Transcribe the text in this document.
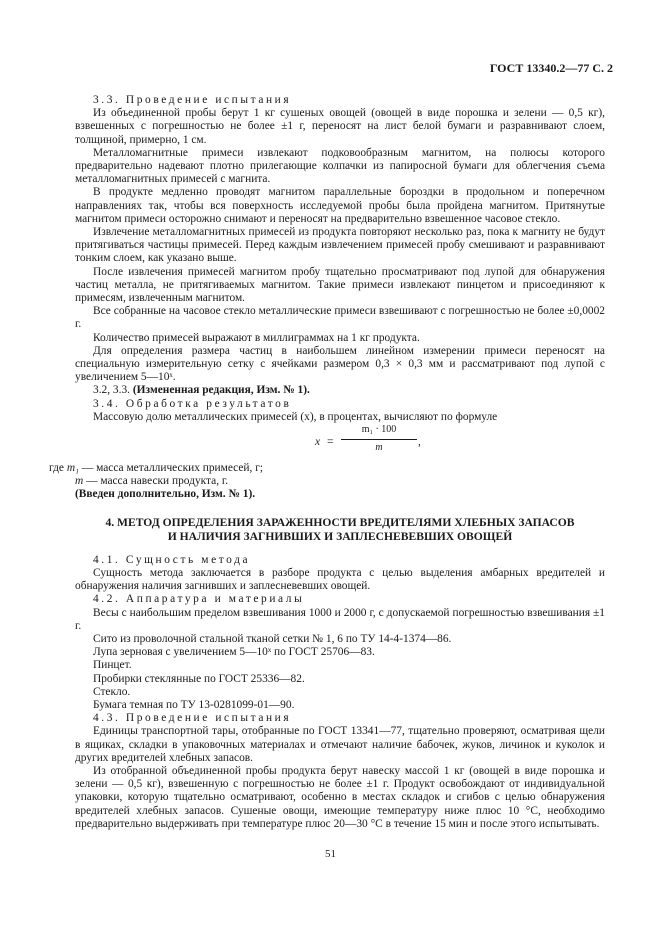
ГОСТ 13340.2—77 С. 2

3.3. Проведение испытания

Из объединенной пробы берут 1 кг сушеных овощей (овощей в виде порошка и зелени — 0,5 кг), взвешенных с погрешностью не более ±1 г, переносят на лист белой бумаги и разравнивают слоем, толщиной, примерно, 1 см.

Металломагнитные примеси извлекают подковообразным магнитом, на полюсы которого предварительно надевают плотно прилегающие колпачки из папиросной бумаги для облегчения съема металломагнитных примесей с магнита.

В продукте медленно проводят магнитом параллельные бороздки в продольном и поперечном направлениях так, чтобы вся поверхность исследуемой пробы была пройдена магнитом. Притянутые магнитом примеси осторожно снимают и переносят на предварительно взвешенное часовое стекло.

Извлечение металломагнитных примесей из продукта повторяют несколько раз, пока к магниту не будут притягиваться частицы примесей. Перед каждым извлечением примесей пробу смешивают и разравнивают тонким слоем, как указано выше.

После извлечения примесей магнитом пробу тщательно просматривают под лупой для обнаружения частиц металла, не притягиваемых магнитом. Такие примеси извлекают пинцетом и присоединяют к примесям, извлеченным магнитом.

Все собранные на часовое стекло металлические примеси взвешивают с погрешностью не более ±0,0002 г.

Количество примесей выражают в миллиграммах на 1 кг продукта.

Для определения размера частиц в наибольшем линейном измерении примеси переносят на специальную измерительную сетку с ячейками размером 0,3 × 0,3 мм и рассматривают под лупой с увеличением 5—10ˣ.

3.2, 3.3. (Измененная редакция, Изм. № 1).

3.4. Обработка результатов

Массовую долю металлических примесей (х), в процентах, вычисляют по формуле

x =
m₁ · 100
m	,
где m₁ — масса металлических примесей, г;
m — масса навески продукта, г.
(Введен дополнительно, Изм. № 1).
4. МЕТОД ОПРЕДЕЛЕНИЯ ЗАРАЖЕННОСТИ ВРЕДИТЕЛЯМИ ХЛЕБНЫХ ЗАПАСОВ
И НАЛИЧИЯ ЗАГНИВШИХ И ЗАПЛЕСНЕВЕВШИХ ОВОЩЕЙ

4.1. Сущность метода

Сущность метода заключается в разборе продукта с целью выделения амбарных вредителей и обнаружения наличия загнивших и заплесневевших овощей.

4.2. Аппаратура и материалы

Весы с наибольшим пределом взвешивания 1000 и 2000 г, с допускаемой погрешностью взвешивания ±1 г.

Сито из проволочной стальной тканой сетки № 1, 6 по ТУ 14-4-1374—86.

Лупа зерновая с увеличением 5—10ˣ по ГОСТ 25706—83.

Пинцет.

Пробирки стеклянные по ГОСТ 25336—82.

Стекло.

Бумага темная по ТУ 13-0281099-01—90.

4.3. Проведение испытания

Единицы транспортной тары, отобранные по ГОСТ 13341—77, тщательно проверяют, осматривая щели в ящиках, складки в упаковочных материалах и отмечают наличие бабочек, жуков, личинок и куколок и других вредителей хлебных запасов.

Из отобранной объединенной пробы продукта берут навеску массой 1 кг (овощей в виде порошка и зелени — 0,5 кг), взвешенную с погрешностью не более ±1 г. Продукт освобождают от индивидуальной упаковки, которую тщательно осматривают, особенно в местах складок и сгибов с целью обнаружения вредителей хлебных запасов. Сушеные овощи, имеющие температуру ниже плюс 10 °С, необходимо предварительно выдерживать при температуре плюс 20—30 °С в течение 15 мин и после этого испытывать.

51
